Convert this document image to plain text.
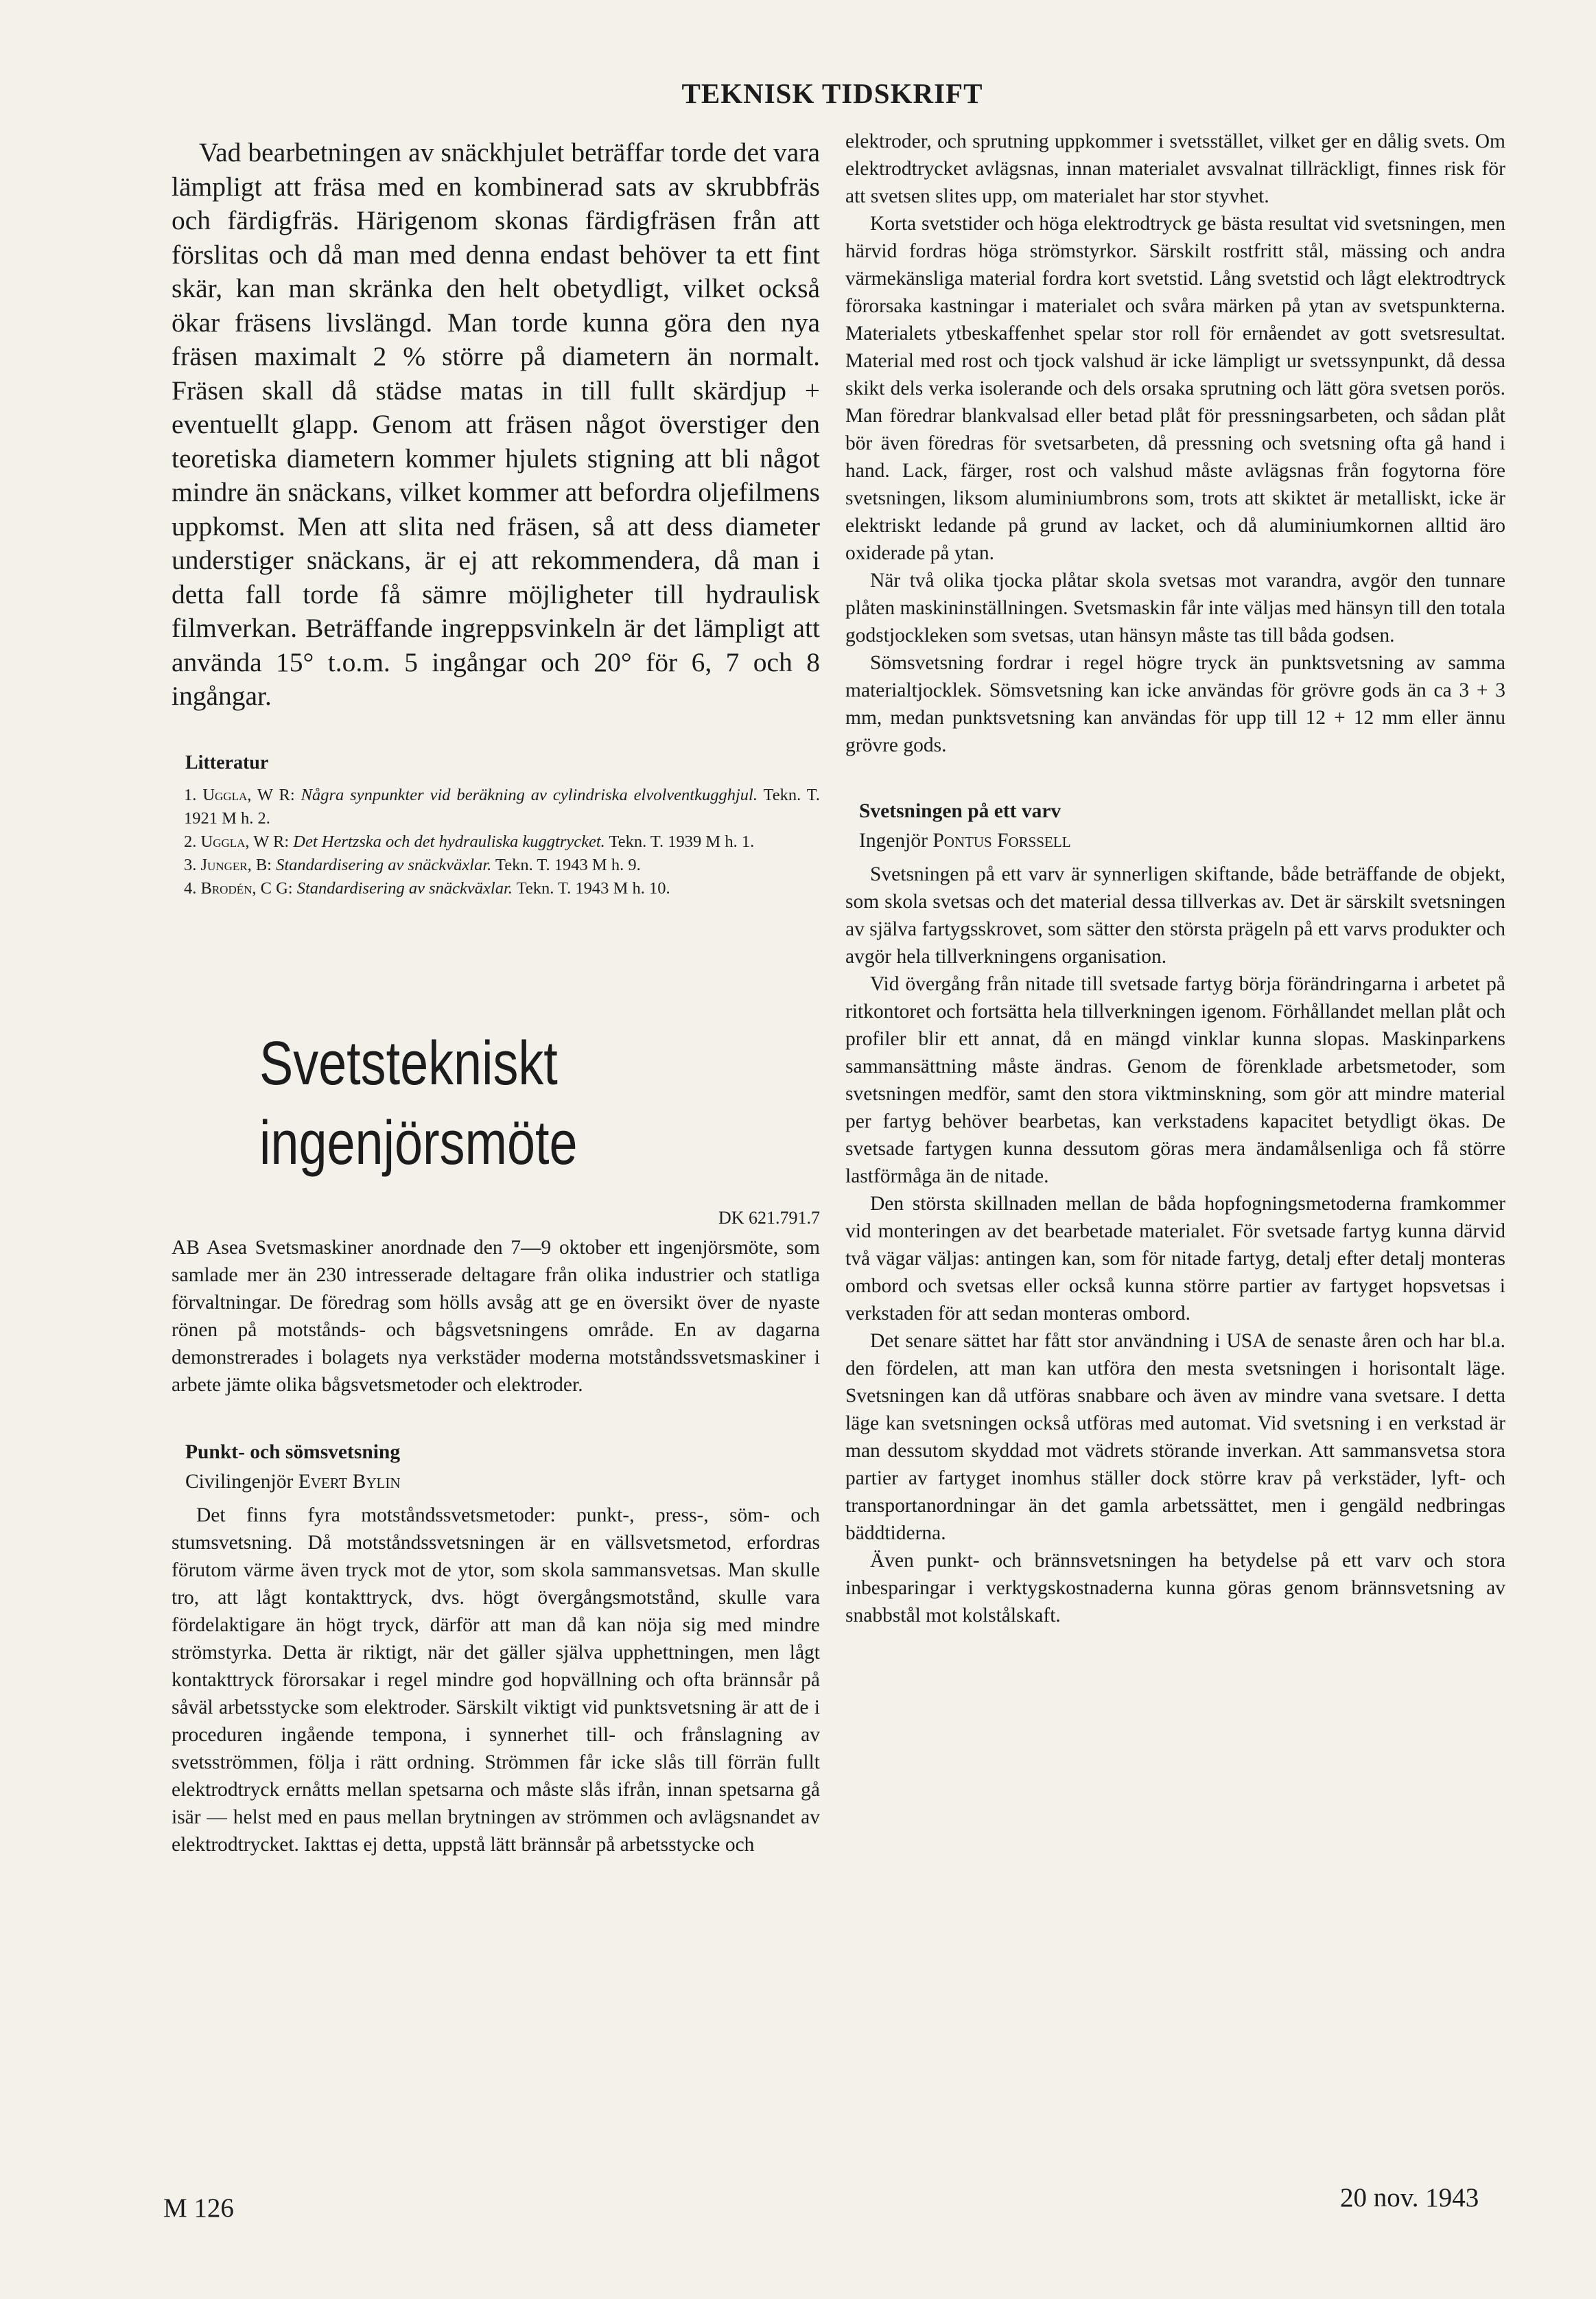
TEKNISK TIDSKRIFT

Vad bearbetningen av snäckhjulet beträffar torde det vara lämpligt att fräsa med en kombinerad sats av skrubbfräs och färdigfräs. Härigenom skonas färdigfräsen från att förslitas och då man med denna endast behöver ta ett fint skär, kan man skränka den helt obetydligt, vilket också ökar fräsens livslängd. Man torde kunna göra den nya fräsen maximalt 2 % större på diametern än normalt. Fräsen skall då städse matas in till fullt skärdjup + eventuellt glapp. Genom att fräsen något överstiger den teoretiska diametern kommer hjulets stigning att bli något mindre än snäckans, vilket kommer att befordra oljefilmens uppkomst. Men att slita ned fräsen, så att dess diameter understiger snäckans, är ej att rekommendera, då man i detta fall torde få sämre möjligheter till hydraulisk filmverkan. Beträffande ingreppsvinkeln är det lämpligt att använda 15° t.o.m. 5 ingångar och 20° för 6, 7 och 8 ingångar.

Litteratur

1. Uggla, W R: Några synpunkter vid beräkning av cylindriska elvolventkugghjul. Tekn. T. 1921 M h. 2.

2. Uggla, W R: Det Hertzska och det hydrauliska kuggtrycket. Tekn. T. 1939 M h. 1.

3. Junger, B: Standardisering av snäckväxlar. Tekn. T. 1943 M h. 9.

4. Brodén, C G: Standardisering av snäckväxlar. Tekn. T. 1943 M h. 10.

Svetstekniskt
ingenjörsmöte
DK 621.791.7

AB Asea Svetsmaskiner anordnade den 7—9 oktober ett ingenjörsmöte, som samlade mer än 230 intresserade deltagare från olika industrier och statliga förvaltningar. De föredrag som hölls avsåg att ge en översikt över de nyaste rönen på motstånds- och bågsvetsningens område. En av dagarna demonstrerades i bolagets nya verkstäder moderna motståndssvetsmaskiner i arbete jämte olika bågsvetsmetoder och elektroder.

Punkt- och sömsvetsning
Civilingenjör Evert Bylin

Det finns fyra motståndssvetsmetoder: punkt-, press-, söm- och stumsvetsning. Då motståndssvetsningen är en vällsvetsmetod, erfordras förutom värme även tryck mot de ytor, som skola sammansvetsas. Man skulle tro, att lågt kontakttryck, dvs. högt övergångsmotstånd, skulle vara fördelaktigare än högt tryck, därför att man då kan nöja sig med mindre strömstyrka. Detta är riktigt, när det gäller själva upphettningen, men lågt kontakttryck förorsakar i regel mindre god hopvällning och ofta brännsår på såväl arbetsstycke som elektroder. Särskilt viktigt vid punktsvetsning är att de i proceduren ingående tempona, i synnerhet till- och frånslagning av svetsströmmen, följa i rätt ordning. Strömmen får icke slås till förrän fullt elektrodtryck ernåtts mellan spetsarna och måste slås ifrån, innan spetsarna gå isär — helst med en paus mellan brytningen av strömmen och avlägsnandet av elektrodtrycket. Iakttas ej detta, uppstå lätt brännsår på arbetsstycke och

elektroder, och sprutning uppkommer i svetsstället, vilket ger en dålig svets. Om elektrodtrycket avlägsnas, innan materialet avsvalnat tillräckligt, finnes risk för att svetsen slites upp, om materialet har stor styvhet.

Korta svetstider och höga elektrodtryck ge bästa resultat vid svetsningen, men härvid fordras höga strömstyrkor. Särskilt rostfritt stål, mässing och andra värmekänsliga material fordra kort svetstid. Lång svetstid och lågt elektrodtryck förorsaka kastningar i materialet och svåra märken på ytan av svetspunkterna. Materialets ytbeskaffenhet spelar stor roll för ernåendet av gott svetsresultat. Material med rost och tjock valshud är icke lämpligt ur svetssynpunkt, då dessa skikt dels verka isolerande och dels orsaka sprutning och lätt göra svetsen porös. Man föredrar blankvalsad eller betad plåt för pressningsarbeten, och sådan plåt bör även föredras för svetsarbeten, då pressning och svetsning ofta gå hand i hand. Lack, färger, rost och valshud måste avlägsnas från fogytorna före svetsningen, liksom aluminiumbrons som, trots att skiktet är metalliskt, icke är elektriskt ledande på grund av lacket, och då aluminiumkornen alltid äro oxiderade på ytan.

När två olika tjocka plåtar skola svetsas mot varandra, avgör den tunnare plåten maskininställningen. Svetsmaskin får inte väljas med hänsyn till den totala godstjockleken som svetsas, utan hänsyn måste tas till båda godsen.

Sömsvetsning fordrar i regel högre tryck än punktsvetsning av samma materialtjocklek. Sömsvetsning kan icke användas för grövre gods än ca 3 + 3 mm, medan punktsvetsning kan användas för upp till 12 + 12 mm eller ännu grövre gods.

Svetsningen på ett varv
Ingenjör Pontus Forssell

Svetsningen på ett varv är synnerligen skiftande, både beträffande de objekt, som skola svetsas och det material dessa tillverkas av. Det är särskilt svetsningen av själva fartygsskrovet, som sätter den största prägeln på ett varvs produkter och avgör hela tillverkningens organisation.

Vid övergång från nitade till svetsade fartyg börja förändringarna i arbetet på ritkontoret och fortsätta hela tillverkningen igenom. Förhållandet mellan plåt och profiler blir ett annat, då en mängd vinklar kunna slopas. Maskinparkens sammansättning måste ändras. Genom de förenklade arbetsmetoder, som svetsningen medför, samt den stora viktminskning, som gör att mindre material per fartyg behöver bearbetas, kan verkstadens kapacitet betydligt ökas. De svetsade fartygen kunna dessutom göras mera ändamålsenliga och få större lastförmåga än de nitade.

Den största skillnaden mellan de båda hopfogningsmetoderna framkommer vid monteringen av det bearbetade materialet. För svetsade fartyg kunna därvid två vägar väljas: antingen kan, som för nitade fartyg, detalj efter detalj monteras ombord och svetsas eller också kunna större partier av fartyget hopsvetsas i verkstaden för att sedan monteras ombord.

Det senare sättet har fått stor användning i USA de senaste åren och har bl.a. den fördelen, att man kan utföra den mesta svetsningen i horisontalt läge. Svetsningen kan då utföras snabbare och även av mindre vana svetsare. I detta läge kan svetsningen också utföras med automat. Vid svetsning i en verkstad är man dessutom skyddad mot vädrets störande inverkan. Att sammansvetsa stora partier av fartyget inomhus ställer dock större krav på verkstäder, lyft- och transportanordningar än det gamla arbetssättet, men i gengäld nedbringas bäddtiderna.

Även punkt- och brännsvetsningen ha betydelse på ett varv och stora inbesparingar i verktygskostnaderna kunna göras genom brännsvetsning av snabbstål mot kolstålskaft.

M 126	20 nov. 1943
